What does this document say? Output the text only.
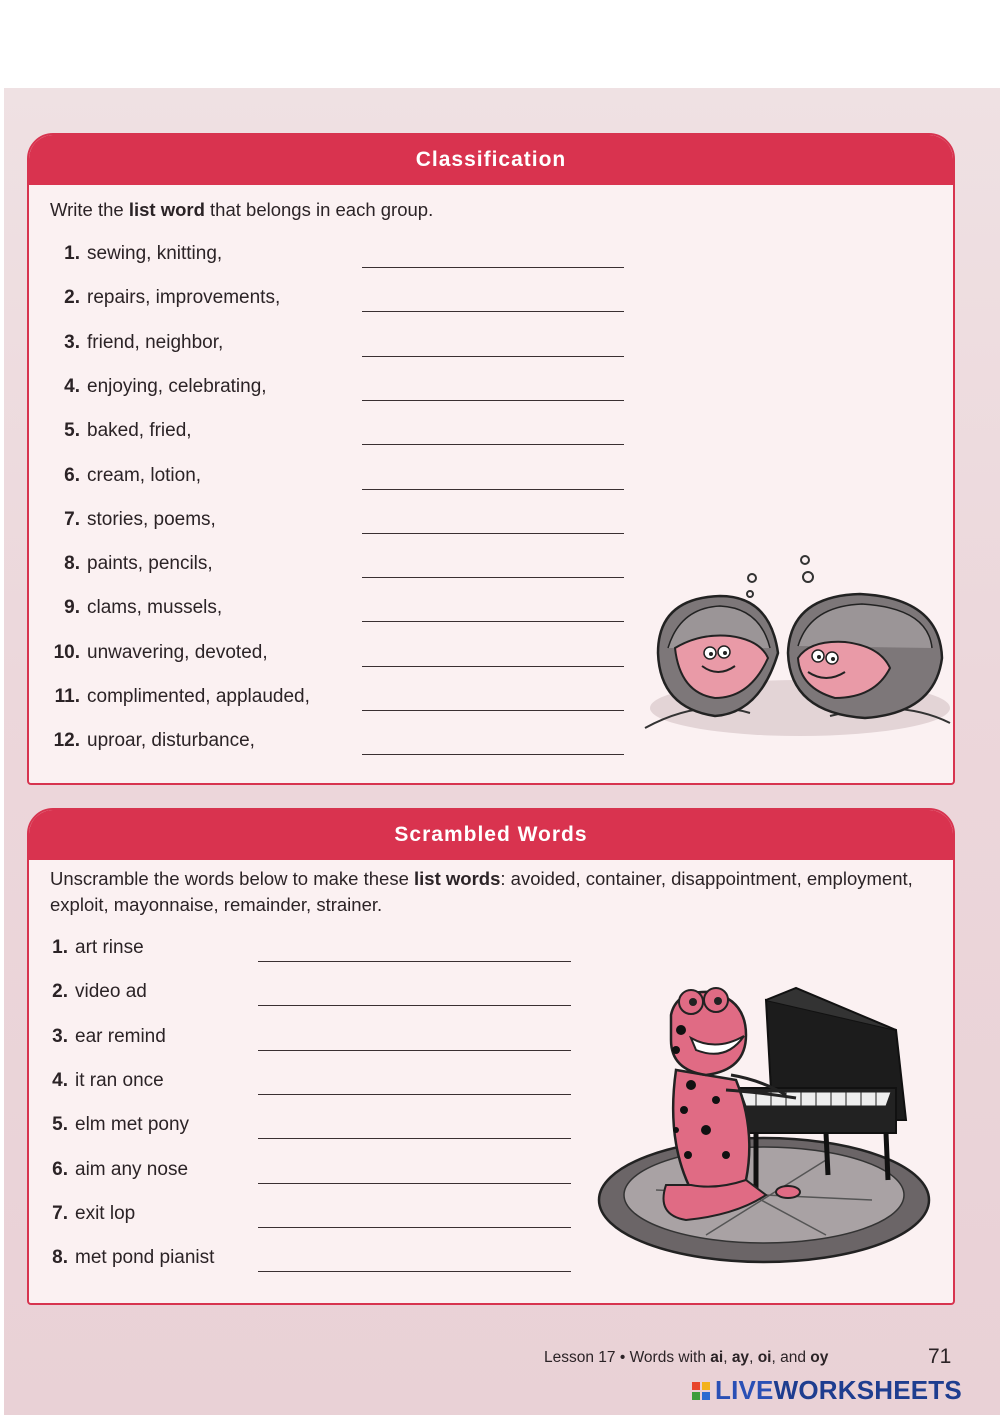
Classification
Write the list word that belongs in each group.
1. sewing, knitting,
2. repairs, improvements,
3. friend, neighbor,
4. enjoying, celebrating,
5. baked, fried,
6. cream, lotion,
7. stories, poems,
8. paints, pencils,
9. clams, mussels,
10. unwavering, devoted,
11. complimented, applauded,
12. uproar, disturbance,
Scrambled Words
Unscramble the words below to make these list words: avoided, container, disappointment, employment, exploit, mayonnaise, remainder, strainer.
1. art rinse
2. video ad
3. ear remind
4. it ran once
5. elm met pony
6. aim any nose
7. exit lop
8. met pond pianist
Lesson 17 • Words with ai, ay, oi, and oy	71
LIVEWORKSHEETS
